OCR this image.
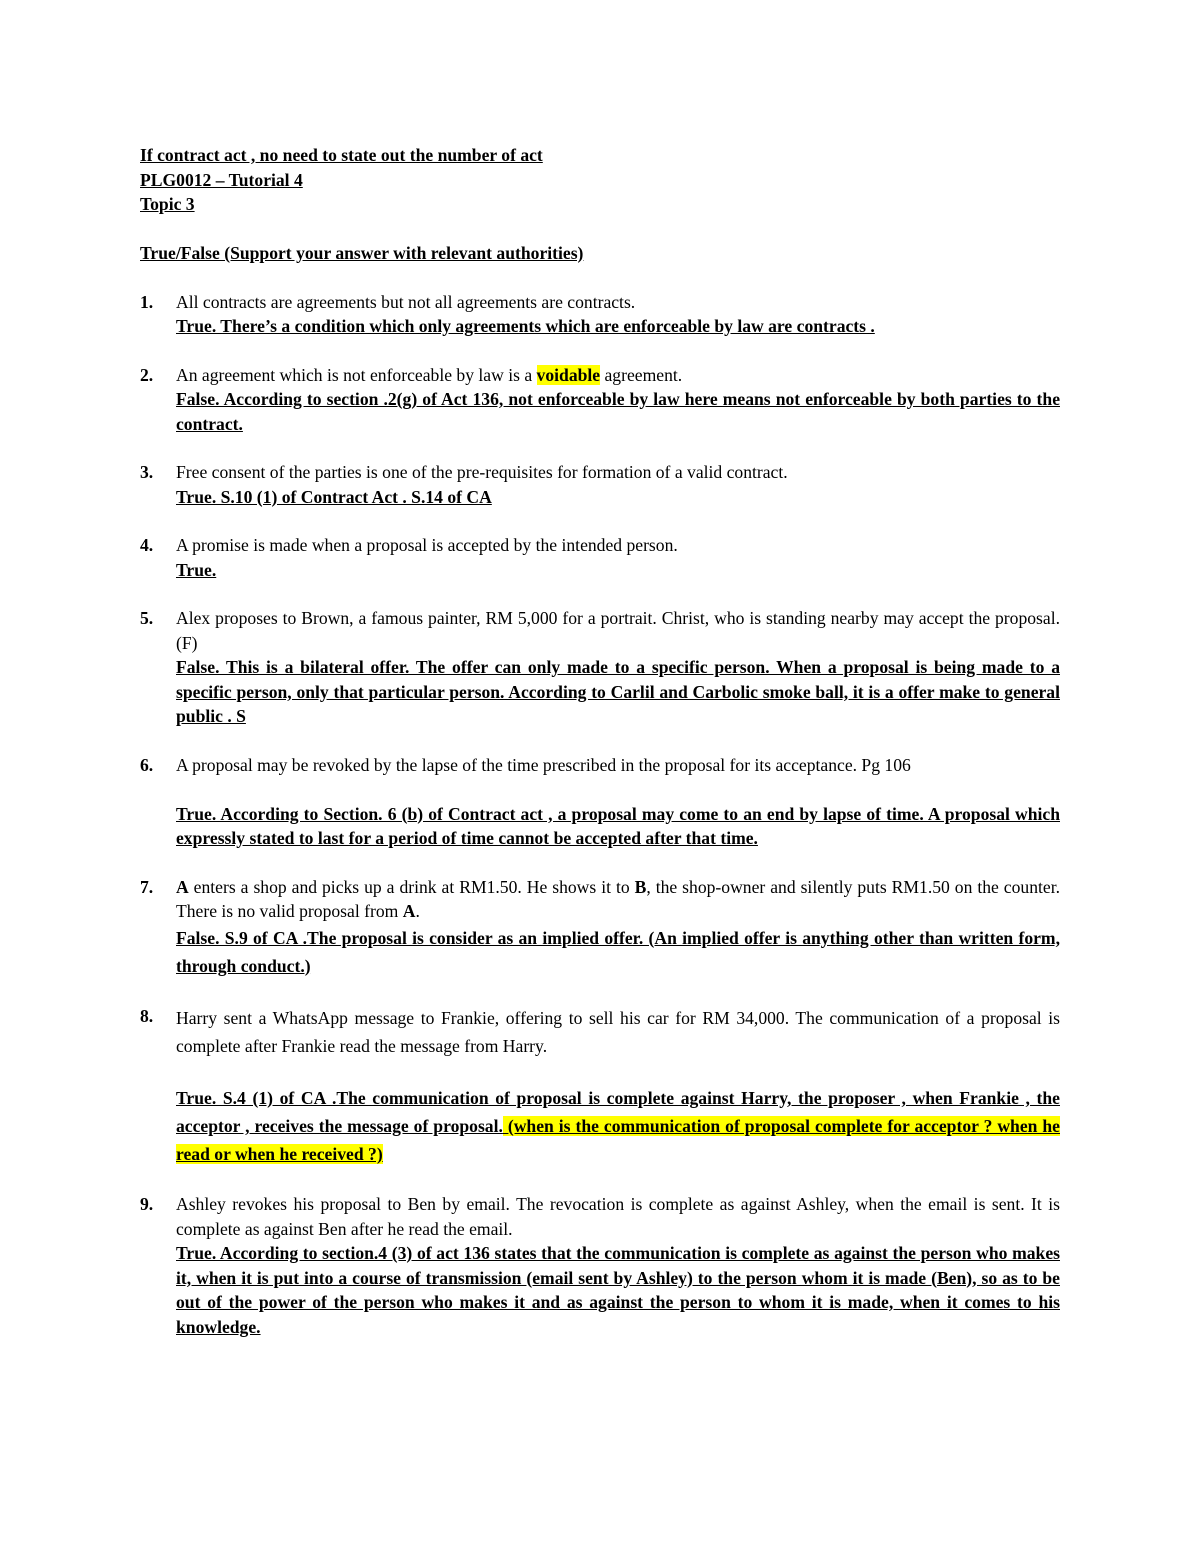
If contract act , no need to state out the number of act
PLG0012 – Tutorial 4
Topic 3
True/False (Support your answer with relevant authorities)
1. All contracts are agreements but not all agreements are contracts.
True. There’s a condition which only agreements which are enforceable by law are contracts .
2. An agreement which is not enforceable by law is a voidable agreement.
False. According to section .2(g) of Act 136, not enforceable by law here means not enforceable by both parties to the contract.
3. Free consent of the parties is one of the pre-requisites for formation of a valid contract.
True. S.10 (1) of Contract Act . S.14 of CA
4. A promise is made when a proposal is accepted by the intended person.
True.
5. Alex proposes to Brown, a famous painter, RM 5,000 for a portrait. Christ, who is standing nearby may accept the proposal. (F)
False. This is a bilateral offer. The offer can only made to a specific person. When a proposal is being made to a specific person, only that particular person. According to Carlil and Carbolic smoke ball, it is a offer make to general public . S
6. A proposal may be revoked by the lapse of the time prescribed in the proposal for its acceptance. Pg 106
True. According to Section. 6 (b) of Contract act , a proposal may come to an end by lapse of time. A proposal which expressly stated to last for a period of time cannot be accepted after that time.
7. A enters a shop and picks up a drink at RM1.50. He shows it to B, the shop-owner and silently puts RM1.50 on the counter. There is no valid proposal from A.
False. S.9 of CA .The proposal is consider as an implied offer. (An implied offer is anything other than written form, through conduct.)
8. Harry sent a WhatsApp message to Frankie, offering to sell his car for RM 34,000. The communication of a proposal is complete after Frankie read the message from Harry.
True. S.4 (1) of CA .The communication of proposal is complete against Harry, the proposer , when Frankie , the acceptor , receives the message of proposal. (when is the communication of proposal complete for acceptor ? when he read or when he received ?)
9. Ashley revokes his proposal to Ben by email. The revocation is complete as against Ashley, when the email is sent. It is complete as against Ben after he read the email.
True. According to section.4 (3) of act 136 states that the communication is complete as against the person who makes it, when it is put into a course of transmission (email sent by Ashley) to the person whom it is made (Ben), so as to be out of the power of the person who makes it and as against the person to whom it is made, when it comes to his knowledge.
